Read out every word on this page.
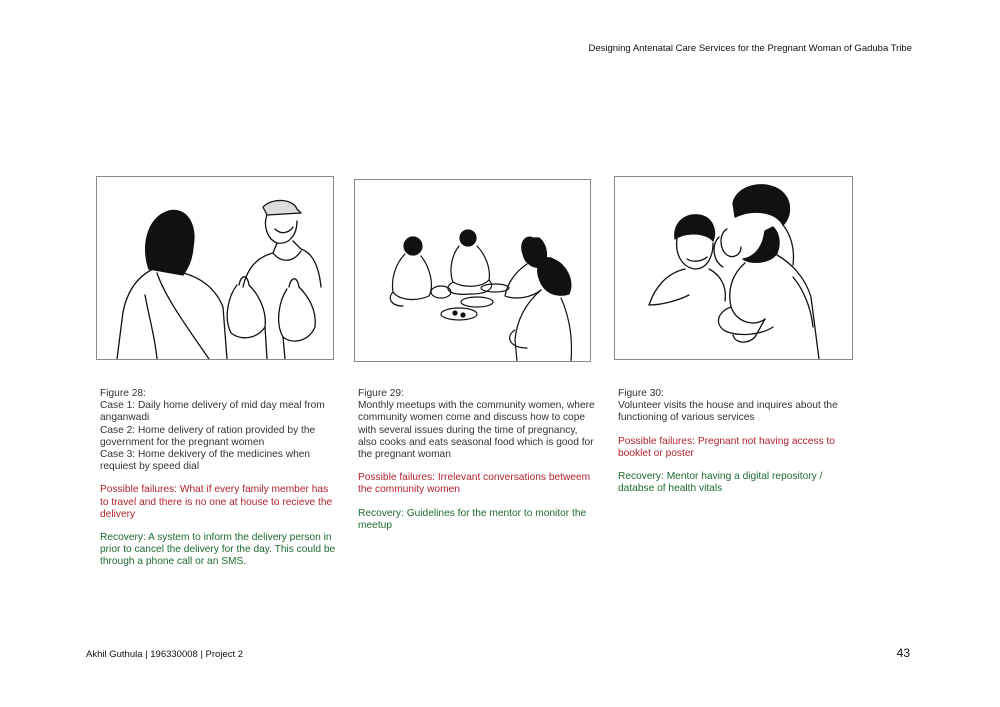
Designing Antenatal Care Services for the Pregnant Woman of Gaduba Tribe
Figure 28:

Case 1: Daily home delivery of mid day meal from anganwadi
Case 2: Home delivery of ration provided by the government for the pregnant women
Case 3: Home dekivery of the medicines when requiest by speed dial

Possible failures: What if every family member has to travel and there is no one at house to recieve the delivery

Recovery: A system to inform the delivery person in prior to cancel the delivery for the day. This could be through a phone call or an SMS.

Figure 29:

Monthly meetups with the community women, where community women come and discuss how to cope with several issues during the time of pregnancy, also cooks and eats seasonal food which is good for the pregnant woman

Possible failures: Irrelevant conversations betweem the community women

Recovery: Guidelines for the mentor to monitor the meetup

Figure 30:

Volunteer visits the house and inquires about the functioning of various services

Possible failures: Pregnant not having access to booklet or poster

Recovery: Mentor having a digital repository / databse of health vitals

Akhil Guthula | 196330008 | Project 2	43
